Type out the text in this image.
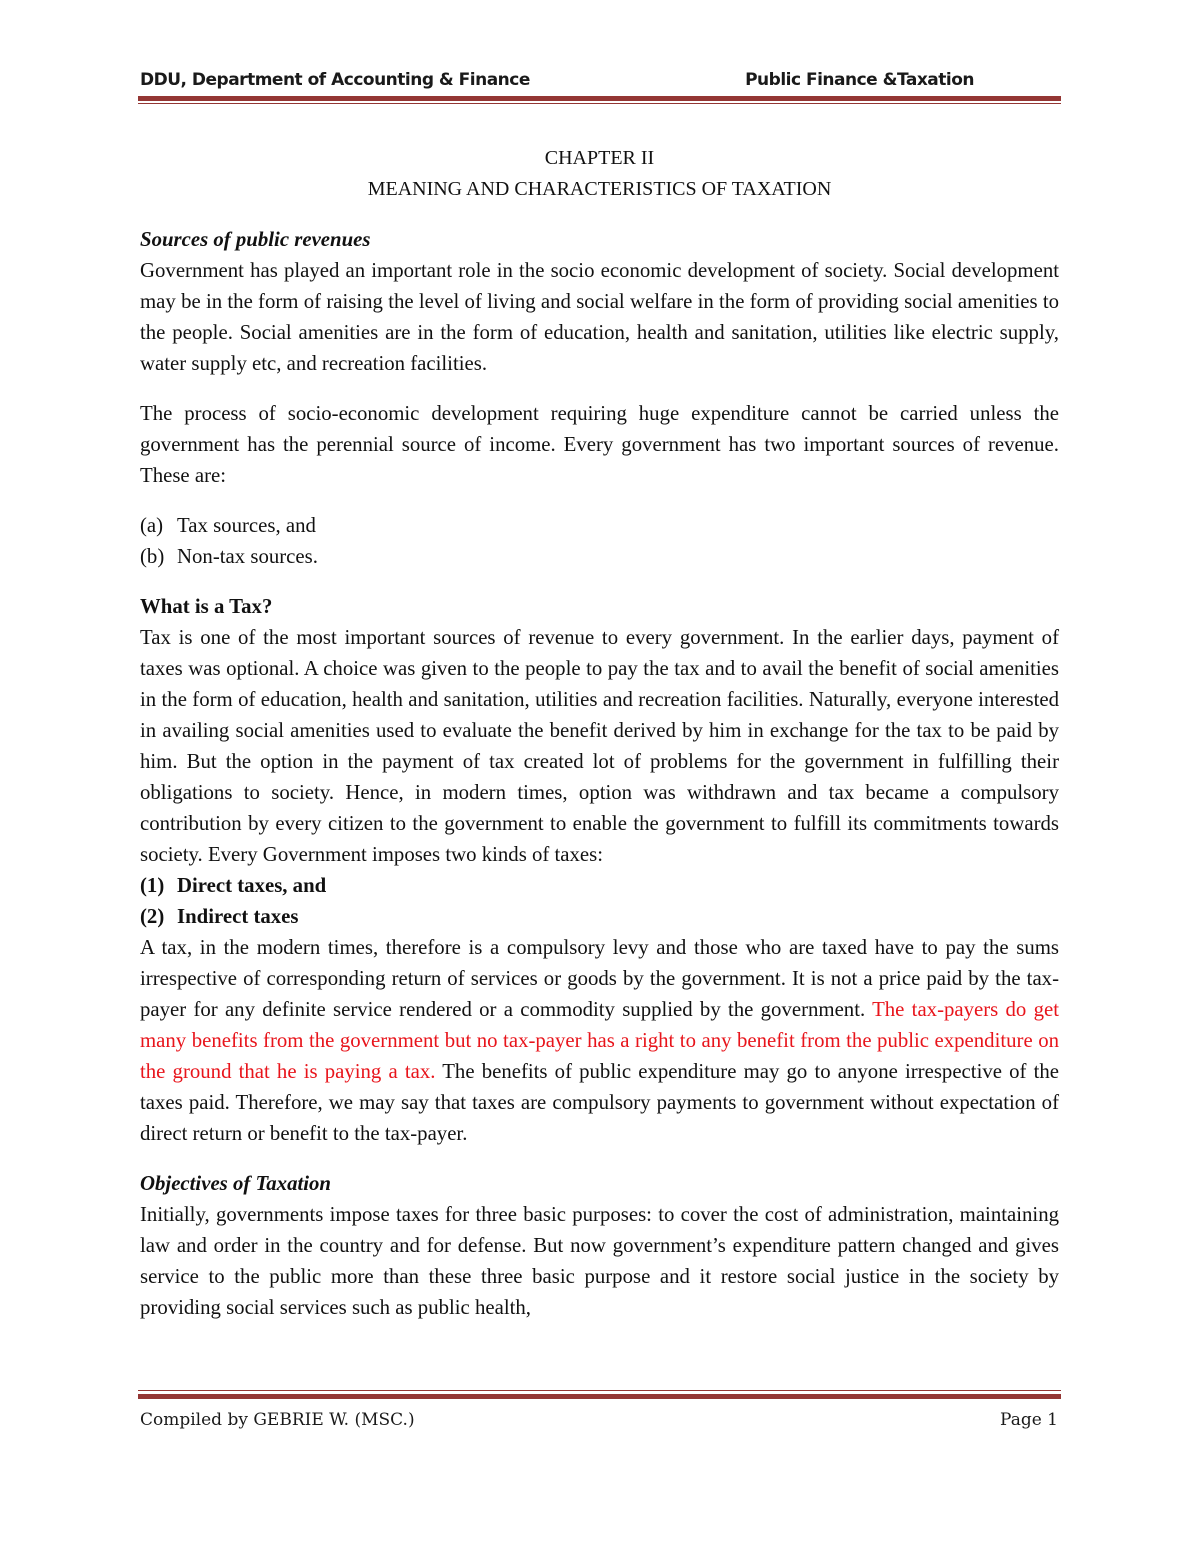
DDU, Department of Accounting & Finance	Public Finance &Taxation
CHAPTER II
MEANING AND CHARACTERISTICS OF TAXATION
Sources of public revenues

Government has played an important role in the socio economic development of society. Social development may be in the form of raising the level of living and social welfare in the form of providing social amenities to the people. Social amenities are in the form of education, health and sanitation, utilities like electric supply, water supply etc, and recreation facilities.

The process of socio-economic development requiring huge expenditure cannot be carried unless the government has the perennial source of income. Every government has two important sources of revenue. These are:

(a) Tax sources, and
(b) Non-tax sources.
What is a Tax?

Tax is one of the most important sources of revenue to every government. In the earlier days, payment of taxes was optional. A choice was given to the people to pay the tax and to avail the benefit of social amenities in the form of education, health and sanitation, utilities and recreation facilities. Naturally, everyone interested in availing social amenities used to evaluate the benefit derived by him in exchange for the tax to be paid by him. But the option in the payment of tax created lot of problems for the government in fulfilling their obligations to society. Hence, in modern times, option was withdrawn and tax became a compulsory contribution by every citizen to the government to enable the government to fulfill its commitments towards society. Every Government imposes two kinds of taxes:

(1) Direct taxes, and
(2) Indirect taxes

A tax, in the modern times, therefore is a compulsory levy and those who are taxed have to pay the sums irrespective of corresponding return of services or goods by the government. It is not a price paid by the tax-payer for any definite service rendered or a commodity supplied by the government. The tax-payers do get many benefits from the government but no tax-payer has a right to any benefit from the public expenditure on the ground that he is paying a tax. The benefits of public expenditure may go to anyone irrespective of the taxes paid. Therefore, we may say that taxes are compulsory payments to government without expectation of direct return or benefit to the tax-payer.

Objectives of Taxation

Initially, governments impose taxes for three basic purposes: to cover the cost of administration, maintaining law and order in the country and for defense. But now government’s expenditure pattern changed and gives service to the public more than these three basic purpose and it restore social justice in the society by providing social services such as public health,

Compiled by GEBRIE W. (MSC.)	Page 1
